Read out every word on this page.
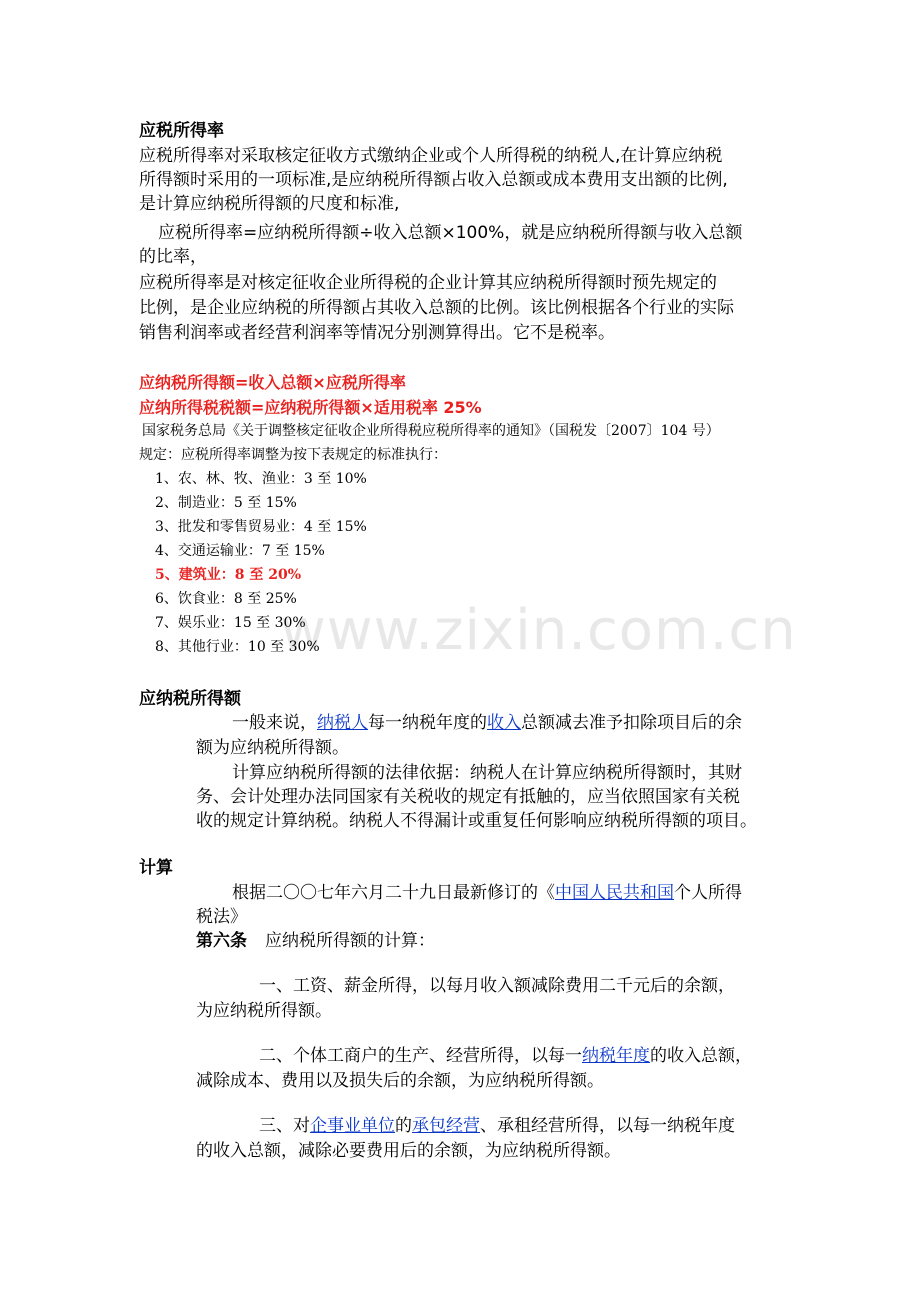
www.zixin.com.cn
应税所得率
应税所得率对采取核定征收方式缴纳企业或个人所得税的纳税人,在计算应纳税
所得额时采用的一项标准,是应纳税所得额占收入总额或成本费用支出额的比例,
是计算应纳税所得额的尺度和标准,
应税所得率=应纳税所得额÷收入总额×100%，就是应纳税所得额与收入总额
的比率，
应税所得率是对核定征收企业所得税的企业计算其应纳税所得额时预先规定的
比例，是企业应纳税的所得额占其收入总额的比例。该比例根据各个行业的实际
销售利润率或者经营利润率等情况分别测算得出。它不是税率。
应纳税所得额=收入总额×应税所得率
应纳所得税税额=应纳税所得额×适用税率 25%
国家税务总局《关于调整核定征收企业所得税应税所得率的通知》（国税发〔2007〕104 号）
规定：应税所得率调整为按下表规定的标准执行：
1、农、林、牧、渔业：3 至 10%
2、制造业：5 至 15%
3、批发和零售贸易业：4 至 15%
4、交通运输业：7 至 15%
5、建筑业：8 至 20%
6、饮食业：8 至 25%
7、娱乐业：15 至 30%
8、其他行业：10 至 30%
应纳税所得额
一般来说，纳税人每一纳税年度的收入总额减去准予扣除项目后的余
额为应纳税所得额。
计算应纳税所得额的法律依据：纳税人在计算应纳税所得额时，其财
务、会计处理办法同国家有关税收的规定有抵触的，应当依照国家有关税
收的规定计算纳税。纳税人不得漏计或重复任何影响应纳税所得额的项目。
计算
根据二〇〇七年六月二十九日最新修订的《中国人民共和国个人所得
税法》
第六条 应纳税所得额的计算：
一、工资、薪金所得，以每月收入额减除费用二千元后的余额，
为应纳税所得额。
二、个体工商户的生产、经营所得，以每一纳税年度的收入总额，
减除成本、费用以及损失后的余额，为应纳税所得额。
三、对企事业单位的承包经营、承租经营所得，以每一纳税年度
的收入总额，减除必要费用后的余额，为应纳税所得额。
